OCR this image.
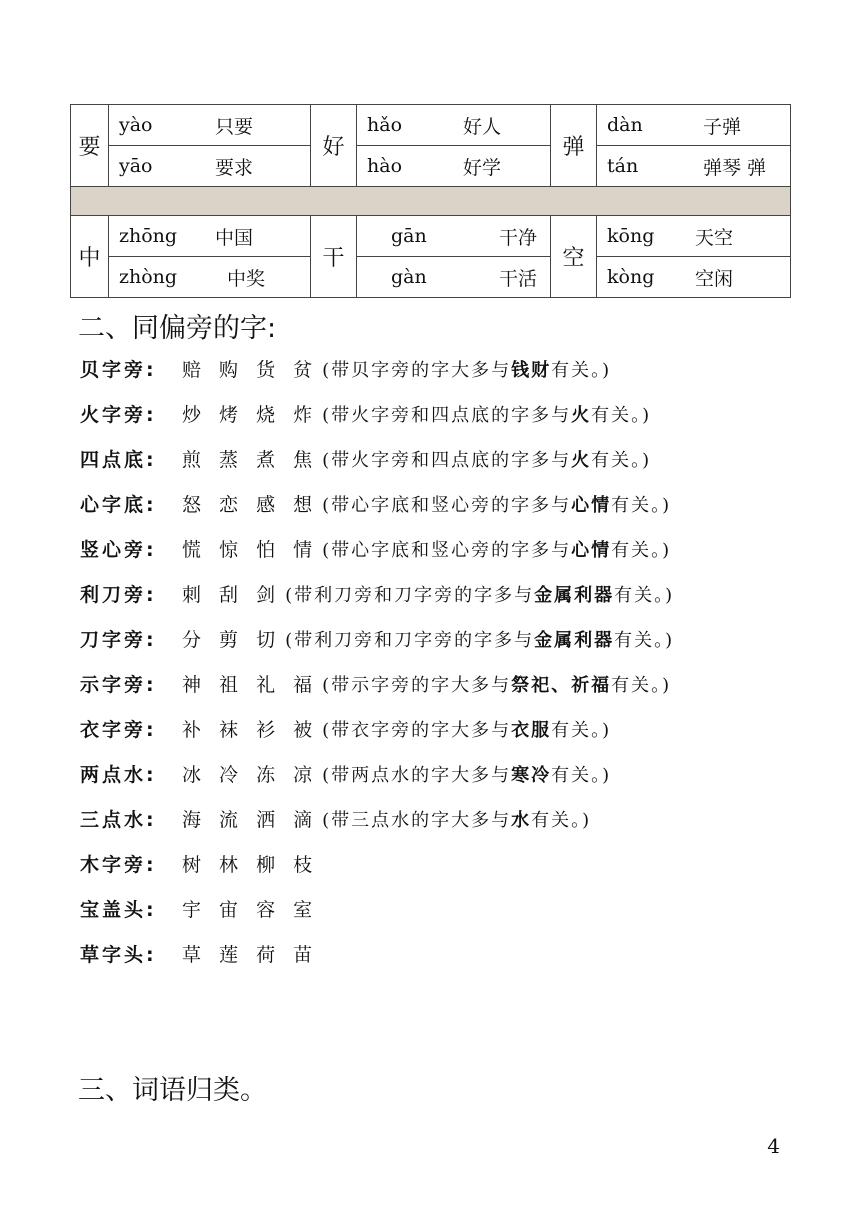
要	yào 只要	好	hǎo 好人	弹	dàn 子弹

	yāo 要求		hào 好学		tán 弹琴 弹

中	zhōng 中国	干	gān 干净	空	kōng 天空

	zhòng 中奖		gàn 干活		kòng 空闲
二、同偏旁的字:
贝字旁:	赔 购 货 贫 (带贝字旁的字大多与钱财有关。)
火字旁:	炒 烤 烧 炸 (带火字旁和四点底的字多与火有关。)
四点底:	煎 蒸 煮 焦 (带火字旁和四点底的字多与火有关。)
心字底:	怒 恋 感 想 (带心字底和竖心旁的字多与心情有关。)
竖心旁:	慌 惊 怕 情 (带心字底和竖心旁的字多与心情有关。)
利刀旁:	刺 刮 剑 (带利刀旁和刀字旁的字多与金属利器有关。)
刀字旁:	分 剪 切 (带利刀旁和刀字旁的字多与金属利器有关。)
示字旁:	神 祖 礼 福 (带示字旁的字大多与祭祀、祈福有关。)
衣字旁:	补 袜 衫 被 (带衣字旁的字大多与衣服有关。)
两点水:	冰 冷 冻 凉 (带两点水的字大多与寒冷有关。)
三点水:	海 流 洒 滴 (带三点水的字大多与水有关。)
木字旁:	树 林 柳 枝
宝盖头:	宇 宙 容 室
草字头:	草 莲 荷 苗
三、词语归类。
4
